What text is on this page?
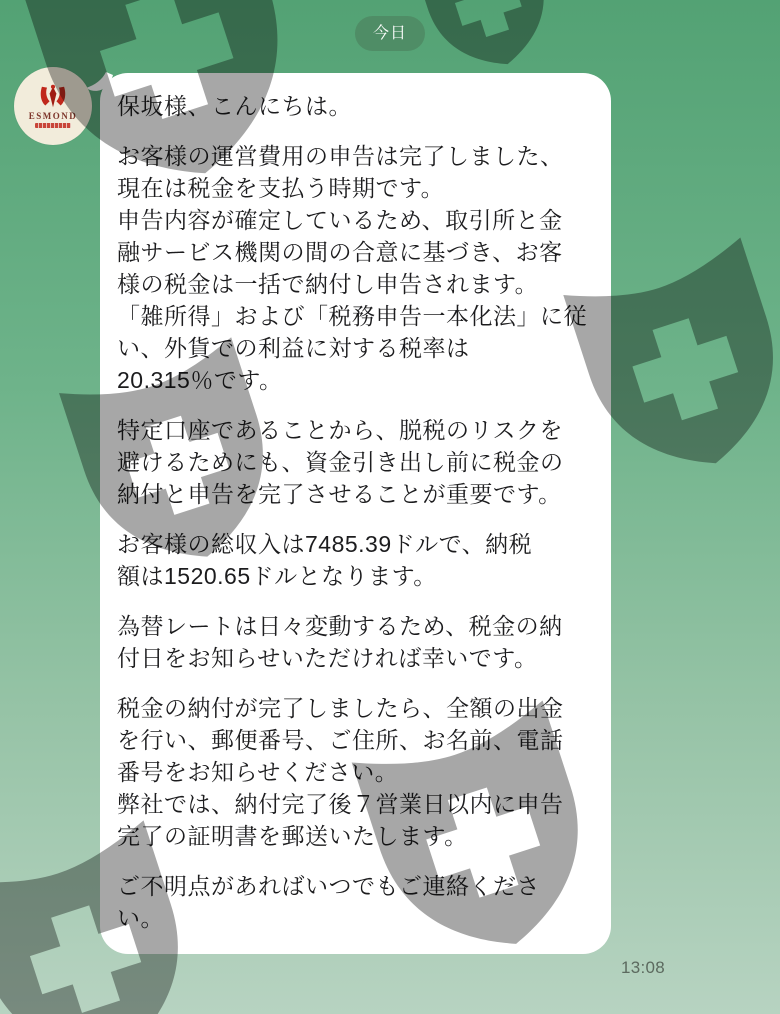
保坂様、こんにちは。
お客様の運営費用の申告は完了しました、
現在は税金を支払う時期です。
申告内容が確定しているため、取引所と金
融サービス機関の間の合意に基づき、お客
様の税金は一括で納付し申告されます。
「雑所得」および「税務申告一本化法」に従
い、外貨での利益に対する税率は
20.315％です。
特定口座であることから、脱税のリスクを
避けるためにも、資金引き出し前に税金の
納付と申告を完了させることが重要です。
お客様の総収入は7485.39ドルで、納税
額は1520.65ドルとなります。
為替レートは日々変動するため、税金の納
付日をお知らせいただければ幸いです。
税金の納付が完了しましたら、全額の出金
を行い、郵便番号、ご住所、お名前、電話
番号をお知らせください。
弊社では、納付完了後７営業日以内に申告
完了の証明書を郵送いたします。
ご不明点があればいつでもご連絡くださ
い。
今日
ESMOND
13:08
